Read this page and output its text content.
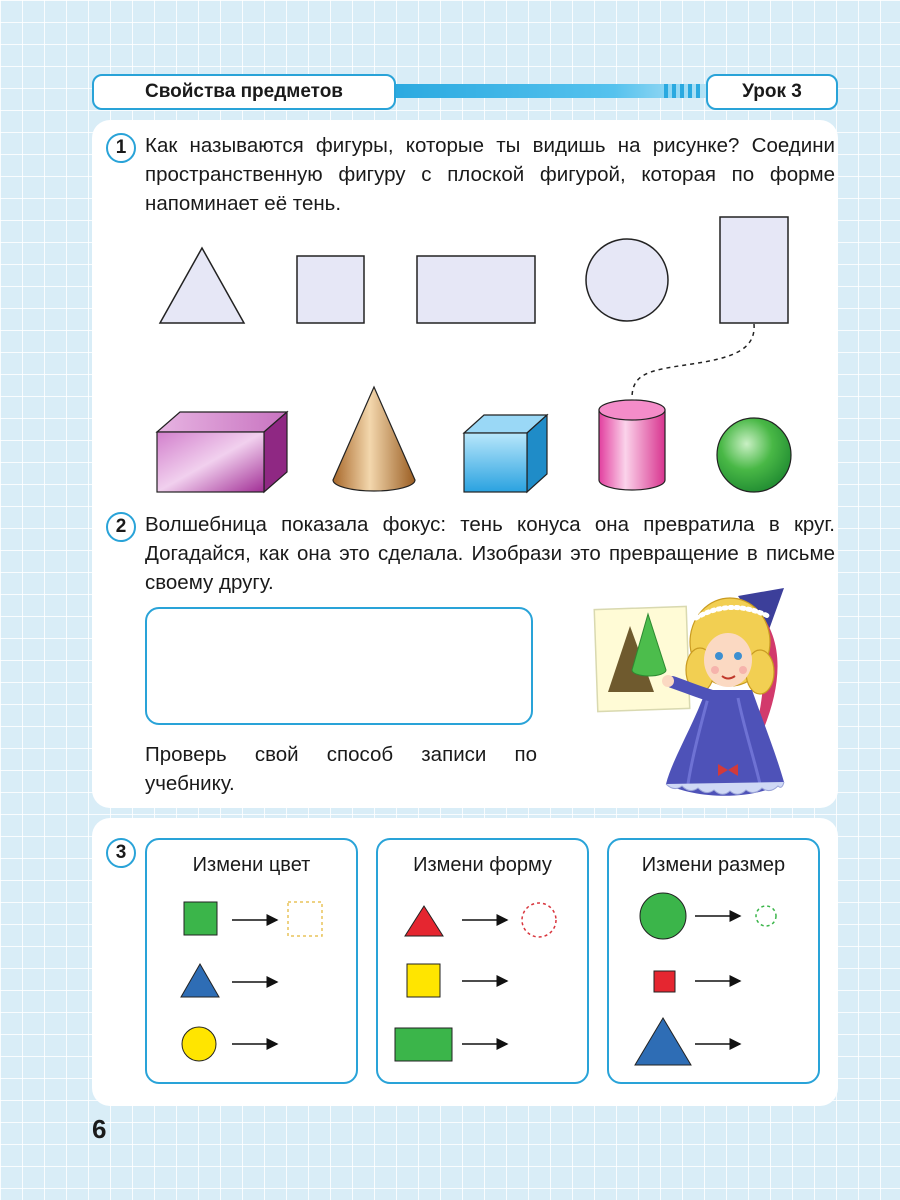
Свойства предметов	Урок 3
1 Как называются фигуры, которые ты видишь на рисунке? Соедини пространственную фигуру с плоской фигурой, которая по форме напоминает её тень.
2 Волшебница показала фокус: тень конуса она превратила в круг. Догадайся, как она это сделала. Изобрази это превращение в письме своему другу.
Проверь свой способ записи по учебнику.
3
Измени цвет	Измени форму	Измени размер
6
